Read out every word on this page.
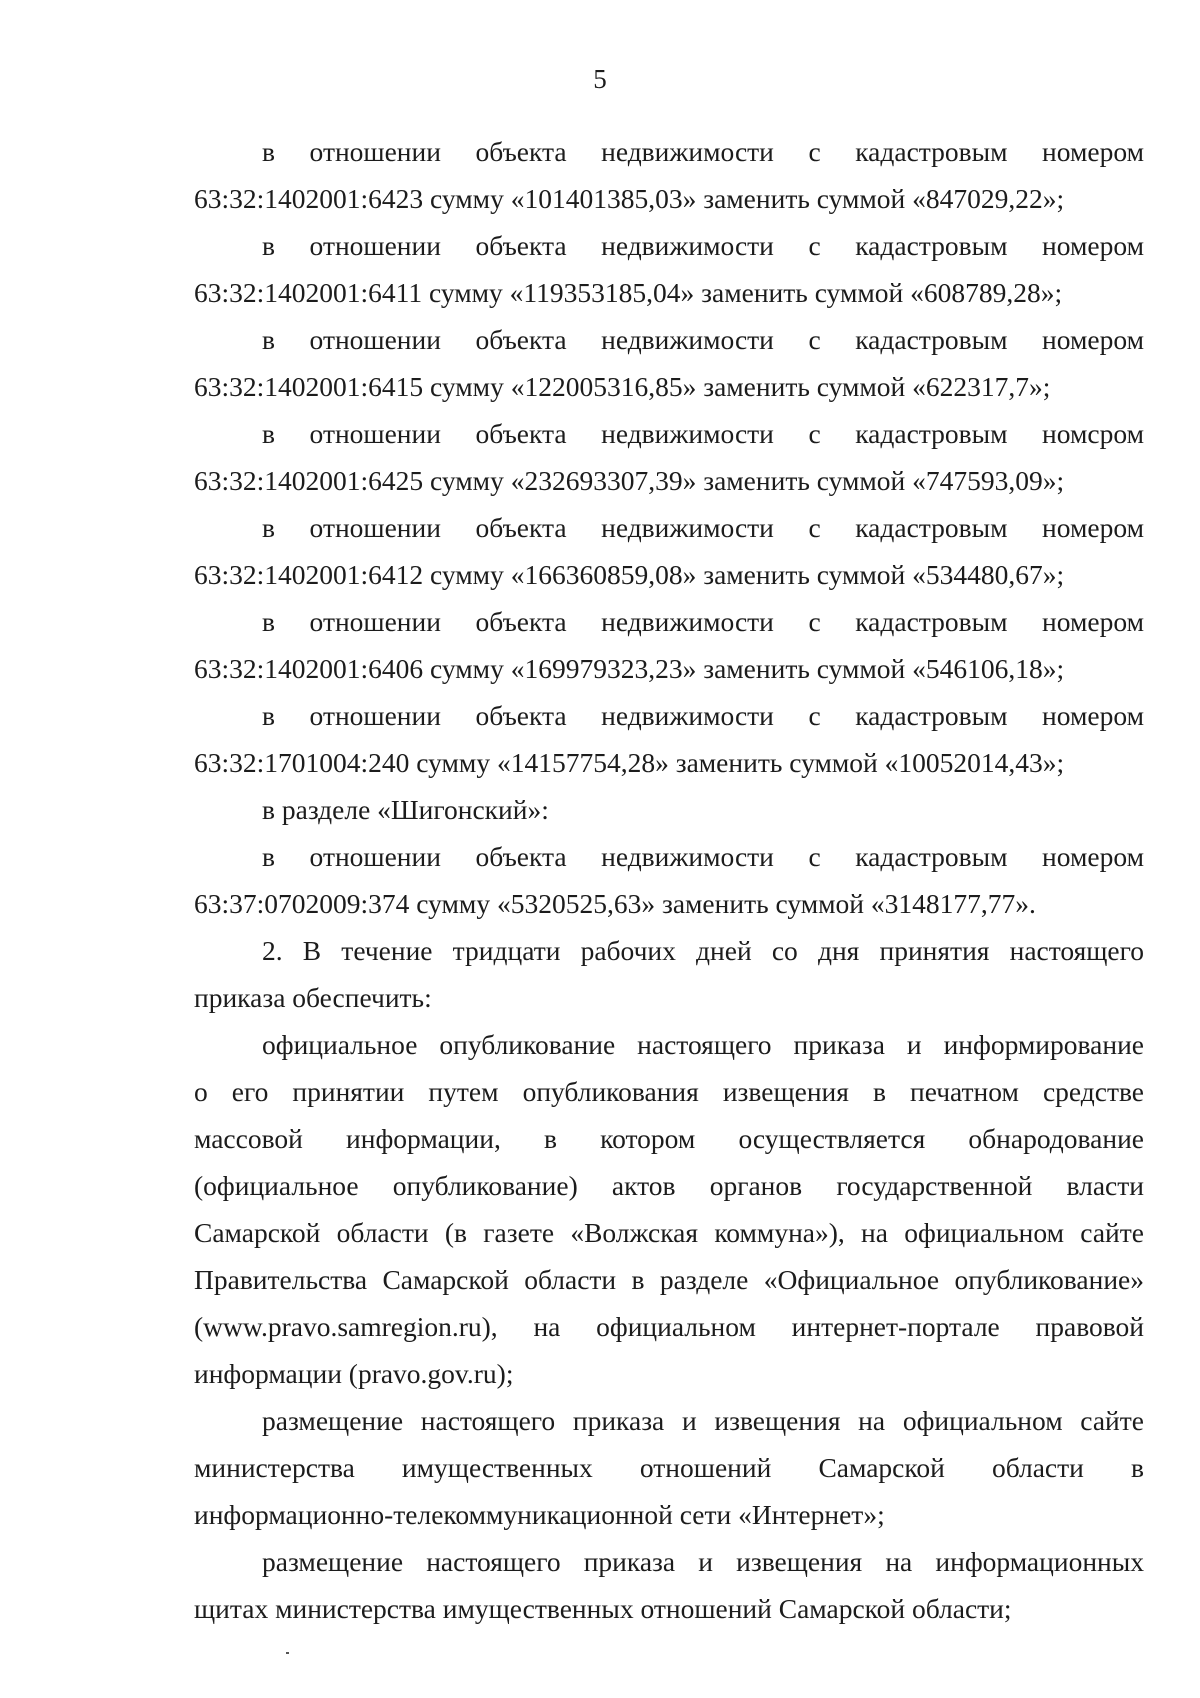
5
в отношении объекта недвижимости с кадастровым номером
63:32:1402001:6423 сумму «101401385,03» заменить суммой «847029,22»;
в отношении объекта недвижимости с кадастровым номером
63:32:1402001:6411 сумму «119353185,04» заменить суммой «608789,28»;
в отношении объекта недвижимости с кадастровым номером
63:32:1402001:6415 сумму «122005316,85» заменить суммой «622317,7»;
в отношении объекта недвижимости с кадастровым номсром
63:32:1402001:6425 сумму «232693307,39» заменить суммой «747593,09»;
в отношении объекта недвижимости с кадастровым номером
63:32:1402001:6412 сумму «166360859,08» заменить суммой «534480,67»;
в отношении объекта недвижимости с кадастровым номером
63:32:1402001:6406 сумму «169979323,23» заменить суммой «546106,18»;
в отношении объекта недвижимости с кадастровым номером
63:32:1701004:240 сумму «14157754,28» заменить суммой «10052014,43»;
в разделе «Шигонский»:
в отношении объекта недвижимости с кадастровым номером
63:37:0702009:374 сумму «5320525,63» заменить суммой «3148177,77».
2. В течение тридцати рабочих дней со дня принятия настоящего
приказа обеспечить:
официальное опубликование настоящего приказа и информирование
о его принятии путем опубликования извещения в печатном средстве
массовой информации, в котором осуществляется обнародование
(официальное опубликование) актов органов государственной власти
Самарской области (в газете «Волжская коммуна»), на официальном сайте
Правительства Самарской области в разделе «Официальное опубликование»
(www.pravo.samregion.ru), на официальном интернет-портале правовой
информации (pravo.gov.ru);
размещение настоящего приказа и извещения на официальном сайте
министерства имущественных отношений Самарской области в
информационно-телекоммуникационной сети «Интернет»;
размещение настоящего приказа и извещения на информационных
щитах министерства имущественных отношений Самарской области;
